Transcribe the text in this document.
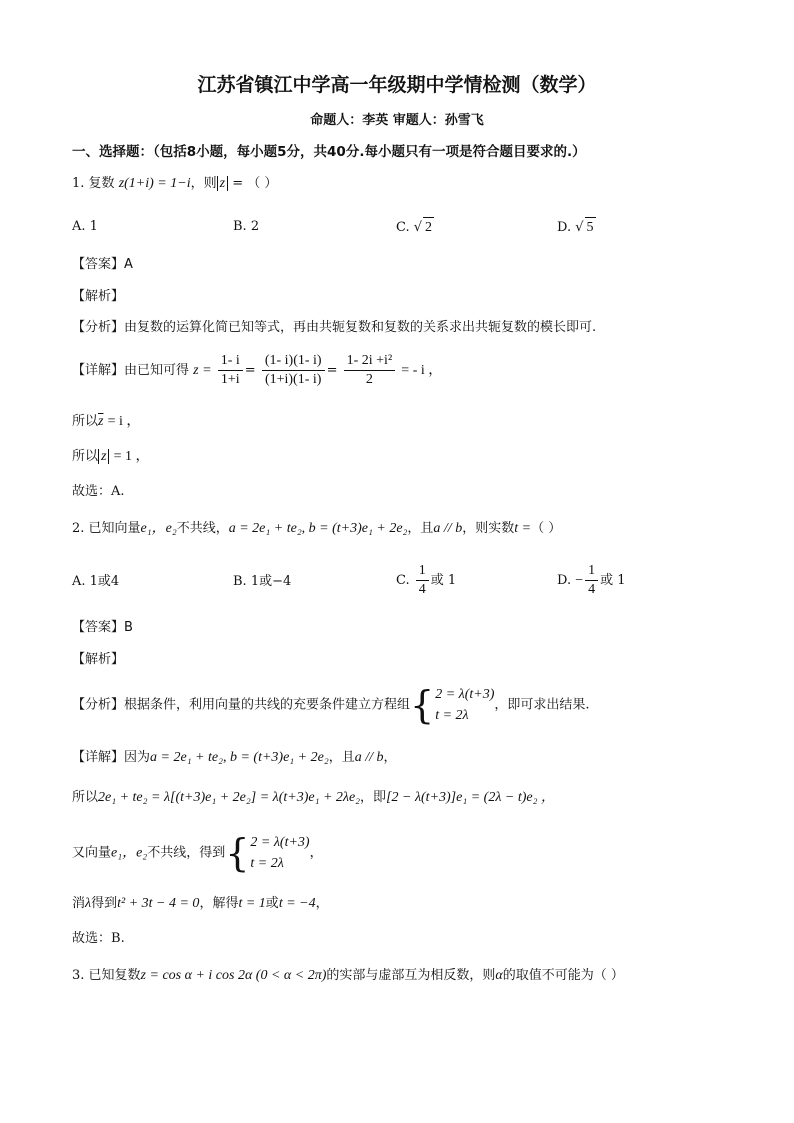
江苏省镇江中学高一年级期中学情检测（数学）
命题人：李英 审题人：孙雪飞
一、选择题：（包括8小题，每小题5分，共40分.每小题只有一项是符合题目要求的.）
1. 复数 z(1+i) = 1−i，则 z = （ ）
A. 1	B. 2	C. √ 2	D. √ 5
【答案】A
【解析】
【分析】由复数的运算化简已知等式，再由共轭复数和复数的关系求出共轭复数的模长即可.
【详解】由已知可得 $z = \frac{1- i}{1+i} = \frac{(1- i)(1- i)}{(1+i)(1- i)} = \frac{\text{1- 2i +i²}}{2}$ = - i ，
所以$\overline{z} = i$ ，
所以 z = 1 ，
故选：A.
2. 已知向量e₁，e₂不共线，a = 2e₁ + te₂, b = (t+3)e₁ + 2e₂，且a // b，则实数t =（ ）
A. 1或4	B. 1或−4	C. $\frac{1}{4}$ 或 1	D. − $\frac{1}{4}$ 或 1
【答案】B
【解析】
【分析】根据条件，利用向量的共线的充要条件建立方程组{ 2 = λ(t+3)
t = 2λ
，即可求出结果.
【详解】因为a = 2e₁ + te₂, b = (t+3)e₁ + 2e₂，且a // b，
所以2e₁ + te₂ = λ[(t+3)e₁ + 2e₂] = λ(t+3)e₁ + 2λe₂，即[2 − λ(t+3)]e₁ = (2λ − t)e₂ ，
又向量e₁，e₂不共线，得到{ 2 = λ(t+3)
t = 2λ
，
消λ得到t² + 3t − 4 = 0，解得t = 1或t = −4，
故选：B.
3. 已知复数z = cos α + i cos 2α (0 < α < 2π)的实部与虚部互为相反数，则α的取值不可能为（ ）
